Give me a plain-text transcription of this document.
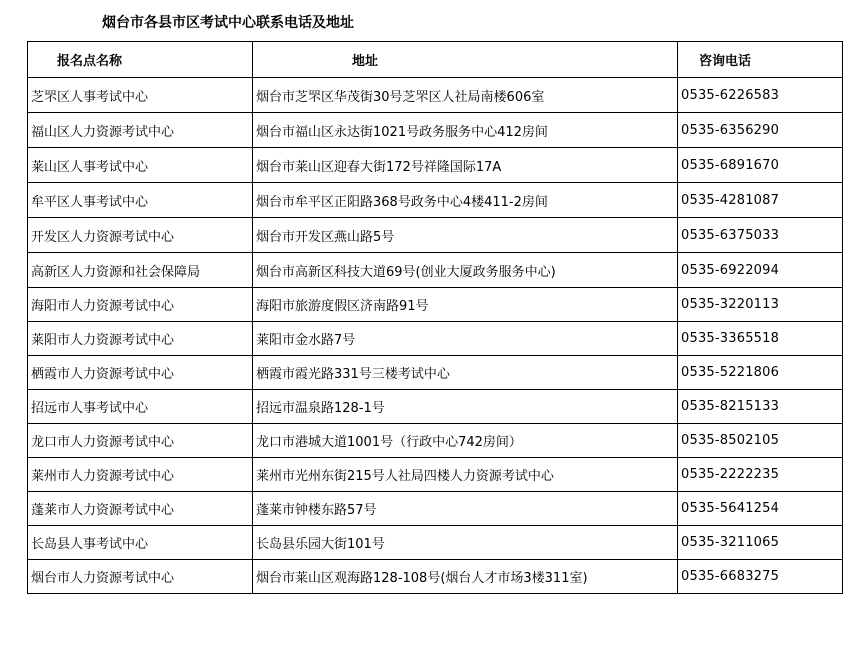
烟台市各县市区考试中心联系电话及地址
报名点名称	地址	咨询电话
芝罘区人事考试中心	烟台市芝罘区华茂街30号芝罘区人社局南楼606室	0535-6226583
福山区人力资源考试中心	烟台市福山区永达街1021号政务服务中心412房间	0535-6356290
莱山区人事考试中心	烟台市莱山区迎春大街172号祥隆国际17A	0535-6891670
牟平区人事考试中心	烟台市牟平区正阳路368号政务中心4楼411-2房间	0535-4281087
开发区人力资源考试中心	烟台市开发区燕山路5号	0535-6375033
高新区人力资源和社会保障局	烟台市高新区科技大道69号(创业大厦政务服务中心)	0535-6922094
海阳市人力资源考试中心	海阳市旅游度假区济南路91号	0535-3220113
莱阳市人力资源考试中心	莱阳市金水路7号	0535-3365518
栖霞市人力资源考试中心	栖霞市霞光路331号三楼考试中心	0535-5221806
招远市人事考试中心	招远市温泉路128-1号	0535-8215133
龙口市人力资源考试中心	龙口市港城大道1001号（行政中心742房间）	0535-8502105
莱州市人力资源考试中心	莱州市光州东街215号人社局四楼人力资源考试中心	0535-2222235
蓬莱市人力资源考试中心	蓬莱市钟楼东路57号	0535-5641254
长岛县人事考试中心	长岛县乐园大街101号	0535-3211065
烟台市人力资源考试中心	烟台市莱山区观海路128-108号(烟台人才市场3楼311室)	0535-6683275
